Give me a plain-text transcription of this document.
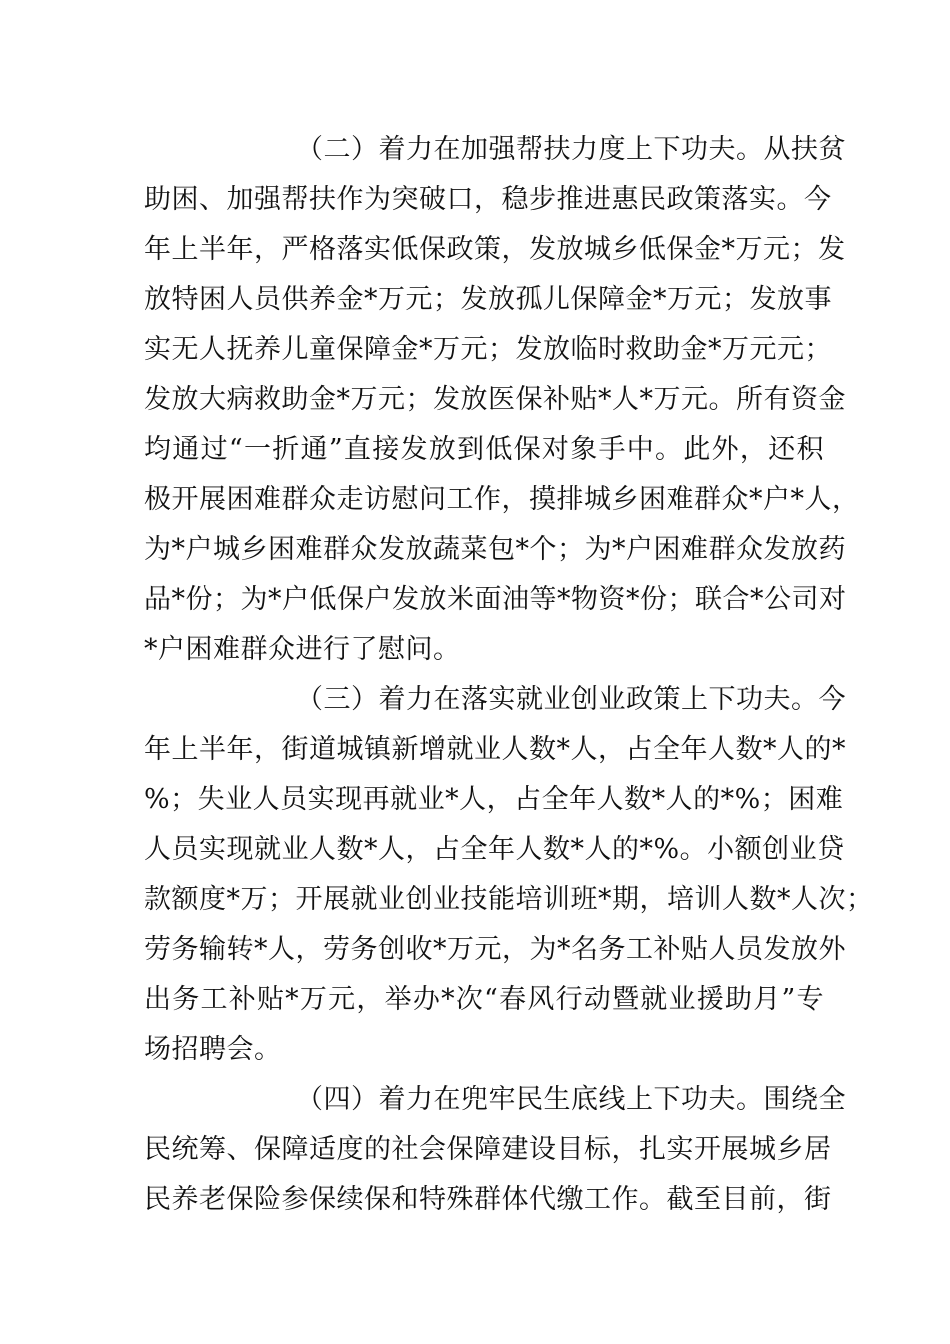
（二）着力在加强帮扶力度上下功夫。从扶贫
助困、加强帮扶作为突破口，稳步推进惠民政策落实。今
年上半年，严格落实低保政策，发放城乡低保金*万元；发
放特困人员供养金*万元；发放孤儿保障金*万元；发放事
实无人抚养儿童保障金*万元；发放临时救助金*万元元；
发放大病救助金*万元；发放医保补贴*人*万元。所有资金
均通过“一折通”直接发放到低保对象手中。此外，还积
极开展困难群众走访慰问工作，摸排城乡困难群众*户*人，
为*户城乡困难群众发放蔬菜包*个；为*户困难群众发放药
品*份；为*户低保户发放米面油等*物资*份；联合*公司对
*户困难群众进行了慰问。
（三）着力在落实就业创业政策上下功夫。今
年上半年，街道城镇新增就业人数*人，占全年人数*人的*
%；失业人员实现再就业*人，占全年人数*人的*%；困难
人员实现就业人数*人，占全年人数*人的*%。小额创业贷
款额度*万；开展就业创业技能培训班*期，培训人数*人次；
劳务输转*人，劳务创收*万元，为*名务工补贴人员发放外
出务工补贴*万元，举办*次“春风行动暨就业援助月”专
场招聘会。
（四）着力在兜牢民生底线上下功夫。围绕全
民统筹、保障适度的社会保障建设目标，扎实开展城乡居
民养老保险参保续保和特殊群体代缴工作。截至目前，街
